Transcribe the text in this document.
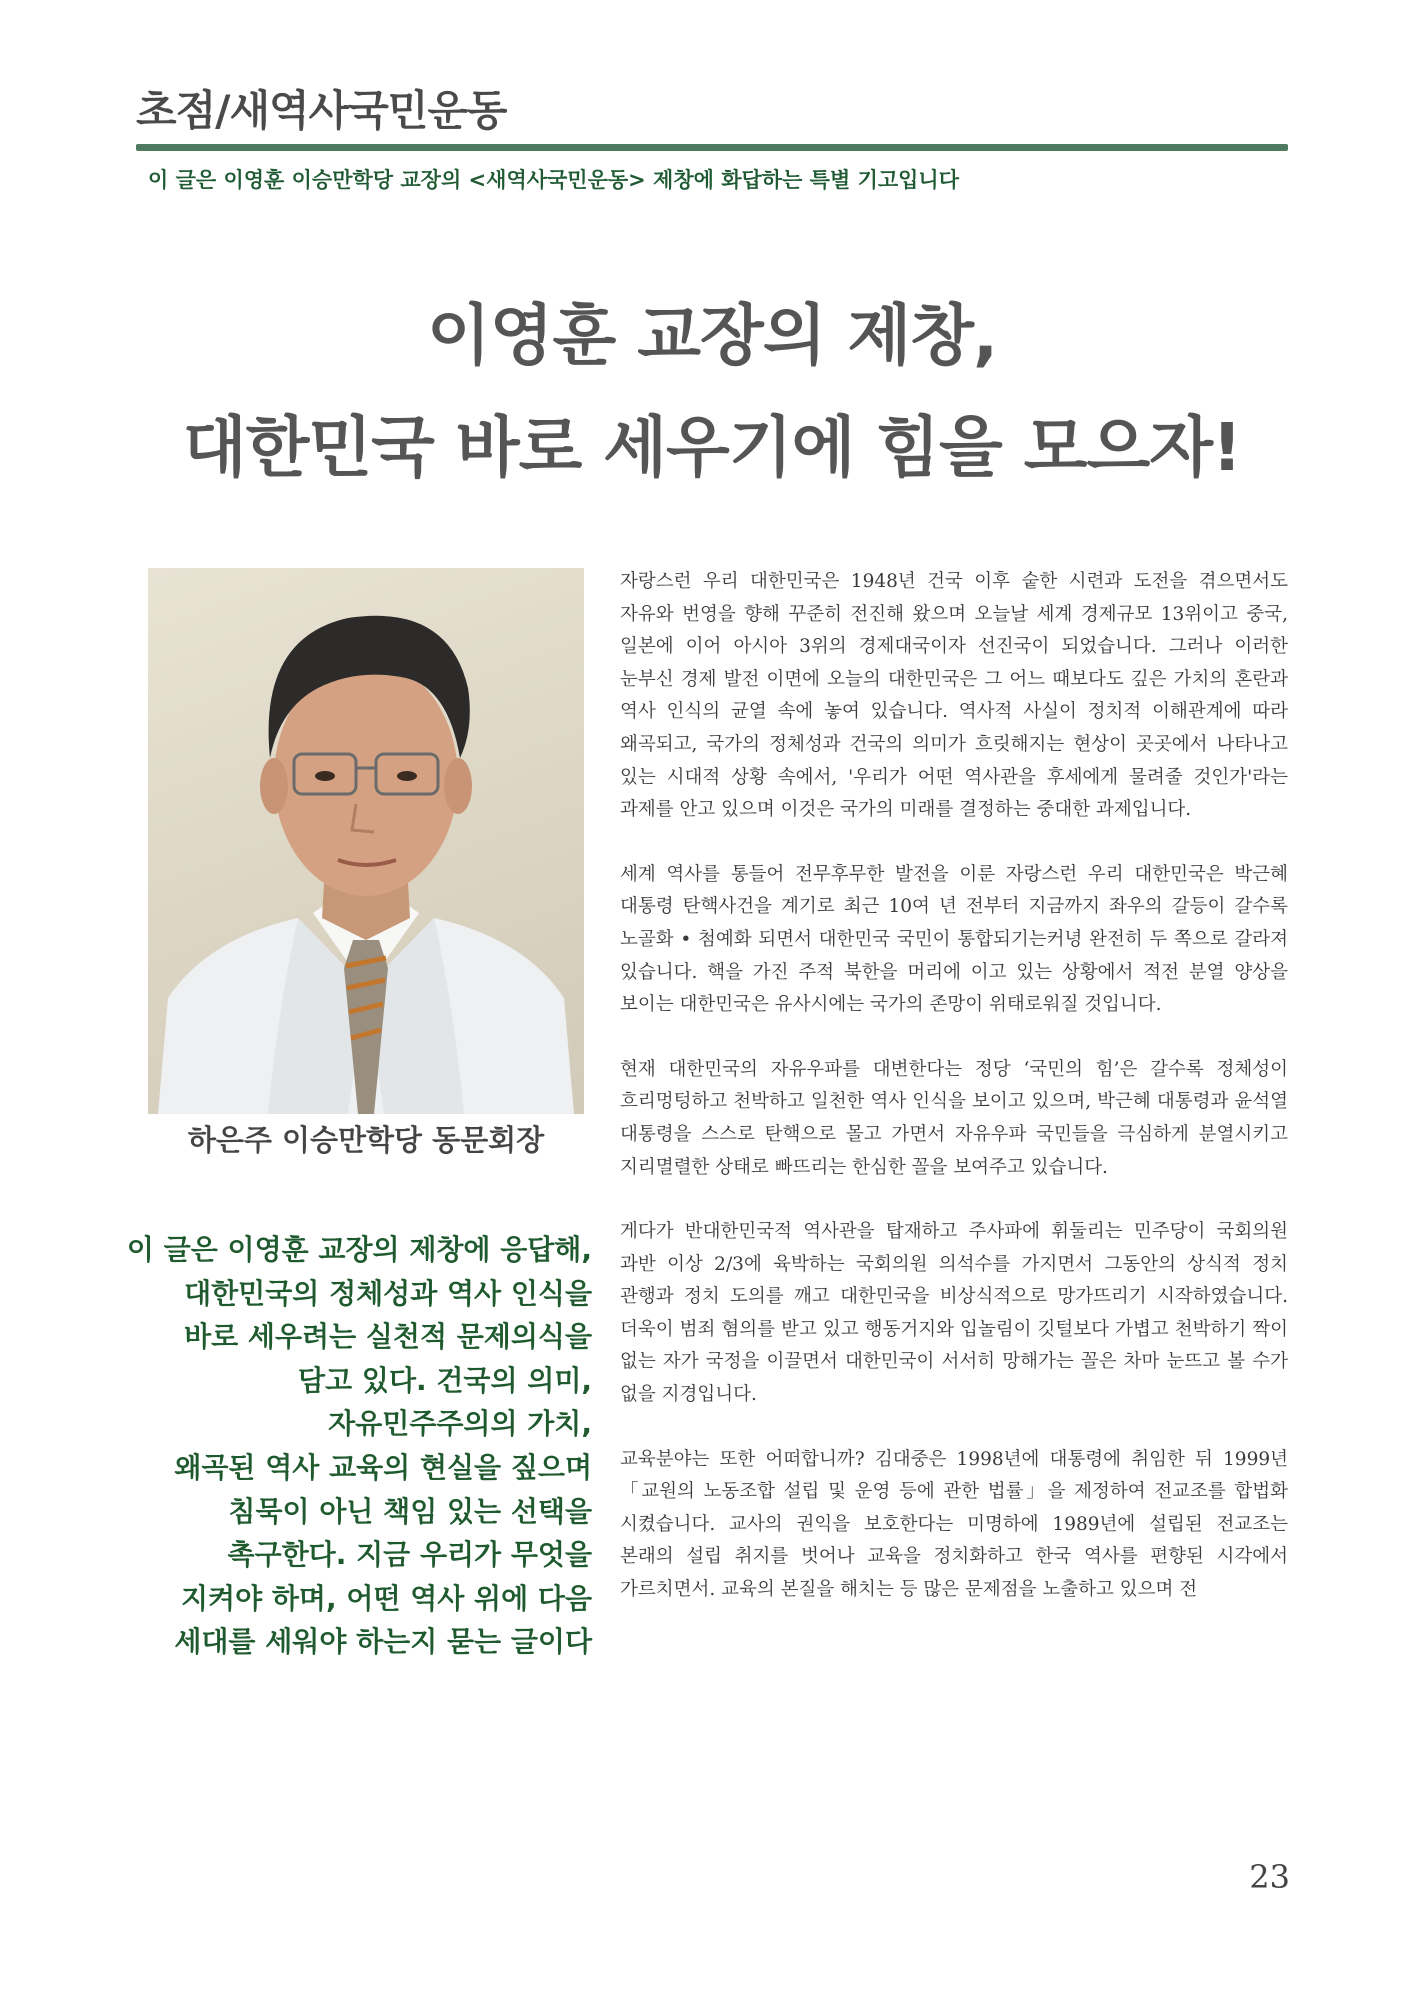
초점/새역사국민운동
이 글은 이영훈 이승만학당 교장의 <새역사국민운동> 제창에 화답하는 특별 기고입니다
이영훈 교장의 제창,
대한민국 바로 세우기에 힘을 모으자!
하은주 이승만학당 동문회장
이 글은 이영훈 교장의 제창에 응답해,
대한민국의 정체성과 역사 인식을
바로 세우려는 실천적 문제의식을
담고 있다. 건국의 의미,
자유민주주의의 가치,
왜곡된 역사 교육의 현실을 짚으며
침묵이 아닌 책임 있는 선택을
촉구한다. 지금 우리가 무엇을
지켜야 하며, 어떤 역사 위에 다음
세대를 세워야 하는지 묻는 글이다

자랑스런 우리 대한민국은 1948년 건국 이후 숱한 시련과 도전을 겪으면서도 자유와 번영을 향해 꾸준히 전진해 왔으며 오늘날 세계 경제규모 13위이고 중국, 일본에 이어 아시아 3위의 경제대국이자 선진국이 되었습니다. 그러나 이러한 눈부신 경제 발전 이면에 오늘의 대한민국은 그 어느 때보다도 깊은 가치의 혼란과 역사 인식의 균열 속에 놓여 있습니다. 역사적 사실이 정치적 이해관계에 따라 왜곡되고, 국가의 정체성과 건국의 의미가 흐릿해지는 현상이 곳곳에서 나타나고 있는 시대적 상황 속에서, '우리가 어떤 역사관을 후세에게 물려줄 것인가'라는 과제를 안고 있으며 이것은 국가의 미래를 결정하는 중대한 과제입니다.

세계 역사를 통들어 전무후무한 발전을 이룬 자랑스런 우리 대한민국은 박근혜 대통령 탄핵사건을 계기로 최근 10여 년 전부터 지금까지 좌우의 갈등이 갈수록 노골화 • 첨예화 되면서 대한민국 국민이 통합되기는커녕 완전히 두 쪽으로 갈라져 있습니다. 핵을 가진 주적 북한을 머리에 이고 있는 상황에서 적전 분열 양상을 보이는 대한민국은 유사시에는 국가의 존망이 위태로워질 것입니다.

현재 대한민국의 자유우파를 대변한다는 정당 ‘국민의 힘’은 갈수록 정체성이 흐리멍텅하고 천박하고 일천한 역사 인식을 보이고 있으며, 박근혜 대통령과 윤석열 대통령을 스스로 탄핵으로 몰고 가면서 자유우파 국민들을 극심하게 분열시키고 지리멸렬한 상태로 빠뜨리는 한심한 꼴을 보여주고 있습니다.

게다가 반대한민국적 역사관을 탑재하고 주사파에 휘둘리는 민주당이 국회의원 과반 이상 2/3에 육박하는 국회의원 의석수를 가지면서 그동안의 상식적 정치 관행과 정치 도의를 깨고 대한민국을 비상식적으로 망가뜨리기 시작하였습니다. 더욱이 범죄 혐의를 받고 있고 행동거지와 입놀림이 깃털보다 가볍고 천박하기 짝이 없는 자가 국정을 이끌면서 대한민국이 서서히 망해가는 꼴은 차마 눈뜨고 볼 수가 없을 지경입니다.

교육분야는 또한 어떠합니까? 김대중은 1998년에 대통령에 취임한 뒤 1999년 「교원의 노동조합 설립 및 운영 등에 관한 법률」을 제정하여 전교조를 합법화 시켰습니다. 교사의 권익을 보호한다는 미명하에 1989년에 설립된 전교조는 본래의 설립 취지를 벗어나 교육을 정치화하고 한국 역사를 편향된 시각에서 가르치면서. 교육의 본질을 해치는 등 많은 문제점을 노출하고 있으며 전

23
